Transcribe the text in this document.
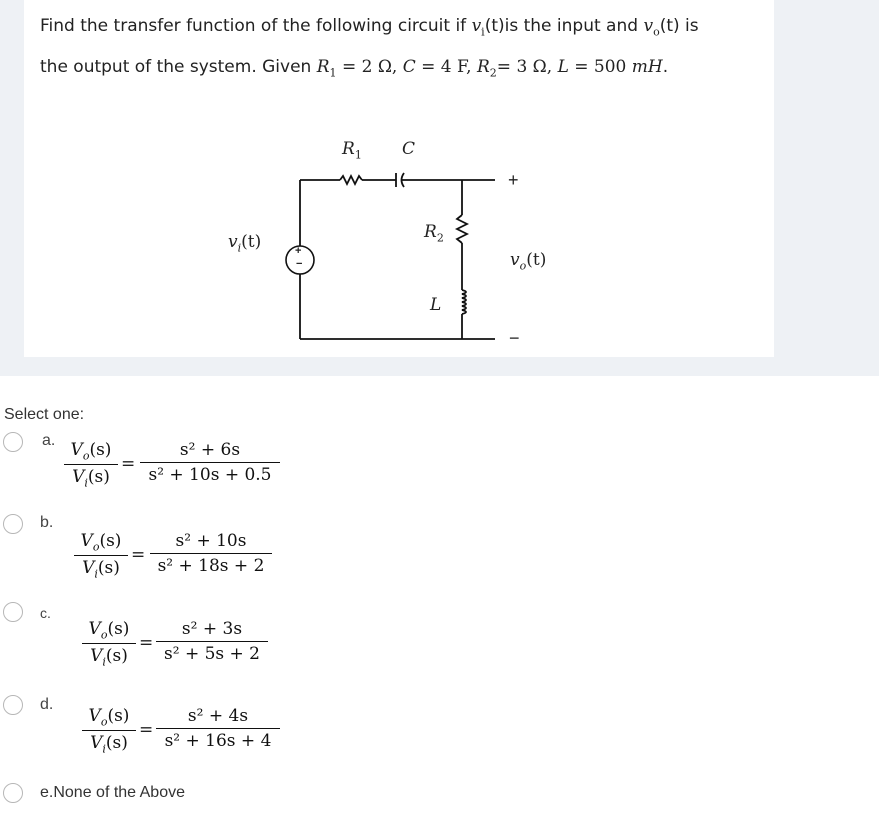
Find the transfer function of the following circuit if $v_i(t)is$ the input and $v_o(t)$ is
the output of the system. Given $R_1 = 2$ Ω, C = 4 F, $R_2= 3$ Ω, L = 500 mH.
$R_1$ C
$R_2$
L
$v_i(t)$
$v_o(t)$
+
−
+
−
Select one:
a. $V_o(s)$
$V_i(s)$
=
s² + 6s
s² + 10s + 0.5
b.
$V_o(s)$
$V_i(s)$
=
s² + 10s
s² + 18s + 2
c.
$V_o(s)$
$V_i(s)$
=
s² + 3s
s² + 5s + 2
d.
$V_o(s)$
$V_i(s)$
=
s² + 4s
s² + 16s + 4
e.None of the Above
